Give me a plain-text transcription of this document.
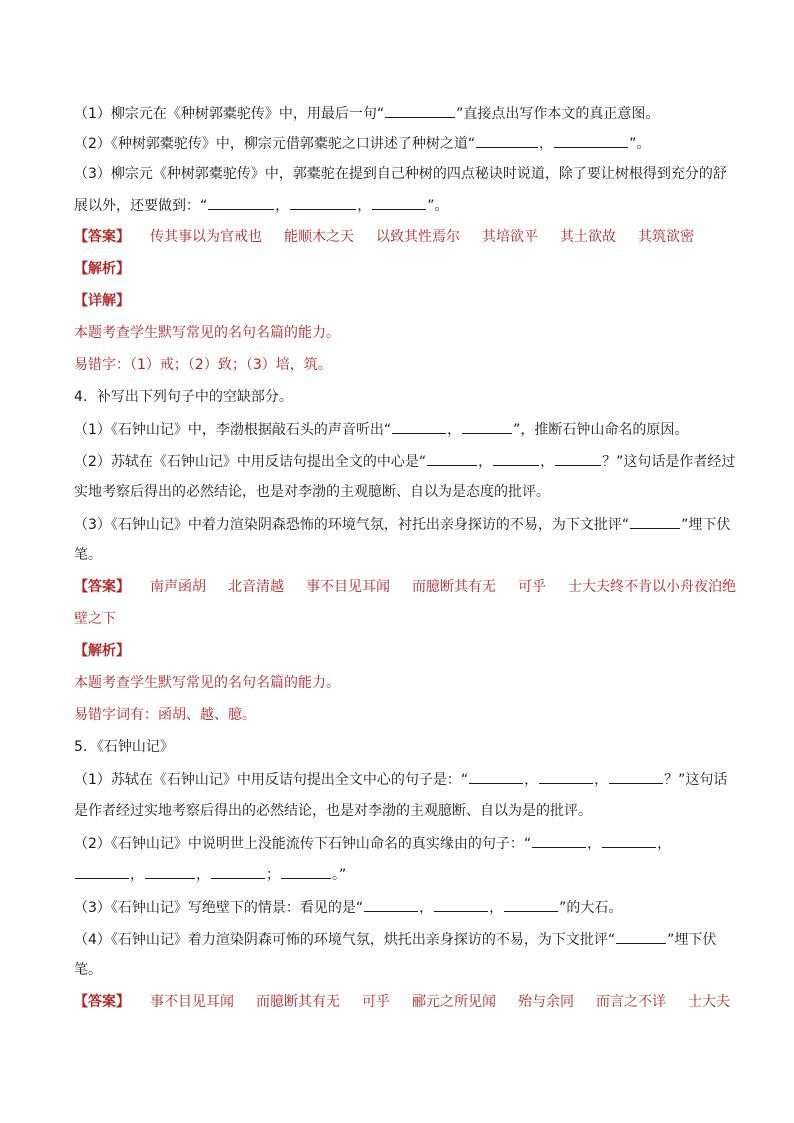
（1）柳宗元在《种树郭橐驼传》中，用最后一句“	”直接点出写作本文的真正意图。
（2）《种树郭橐驼传》中，柳宗元借郭橐驼之口讲述了种树之道“	，	”。
（3）柳宗元《种树郭橐驼传》中，郭橐驼在提到自己种树的四点秘诀时说道，除了要让树根得到充分的舒
展以外，还要做到：“	，	，	”。
【答案】 传其事以为官戒也 能顺木之天 以致其性焉尔 其培欲平 其土欲故 其筑欲密
【解析】
【详解】
本题考查学生默写常见的名句名篇的能力。
易错字：（1）戒；（2）致；（3）培，筑。
4．补写出下列句子中的空缺部分。
（1）《石钟山记》中，李渤根据敲石头的声音听出“	，	”，推断石钟山命名的原因。
（2）苏轼在《石钟山记》中用反诘句提出全文的中心是“	，	，	？”这句话是作者经过
实地考察后得出的必然结论，也是对李渤的主观臆断、自以为是态度的批评。
（3）《石钟山记》中着力渲染阴森恐怖的环境气氛，衬托出亲身探访的不易，为下文批评“	”埋下伏
笔。
【答案】 南声函胡 北音清越 事不目见耳闻 而臆断其有无 可乎 士大夫终不肯以小舟夜泊绝
壁之下
【解析】
本题考查学生默写常见的名句名篇的能力。
易错字词有：函胡、越、臆。
5．《石钟山记》
（1）苏轼在《石钟山记》中用反诘句提出全文中心的句子是：“	，	，	？”这句话
是作者经过实地考察后得出的必然结论，也是对李渤的主观臆断、自以为是的批评。
（2）《石钟山记》中说明世上没能流传下石钟山命名的真实缘由的句子：“	，	，
，	，	；	。”
（3）《石钟山记》写绝壁下的情景：看见的是“	，	，	”的大石。
（4）《石钟山记》着力渲染阴森可怖的环境气氛，烘托出亲身探访的不易，为下文批评“	”埋下伏
笔。
【答案】 事不目见耳闻 而臆断其有无 可乎 郦元之所见闻 殆与余同 而言之不详 士大夫
